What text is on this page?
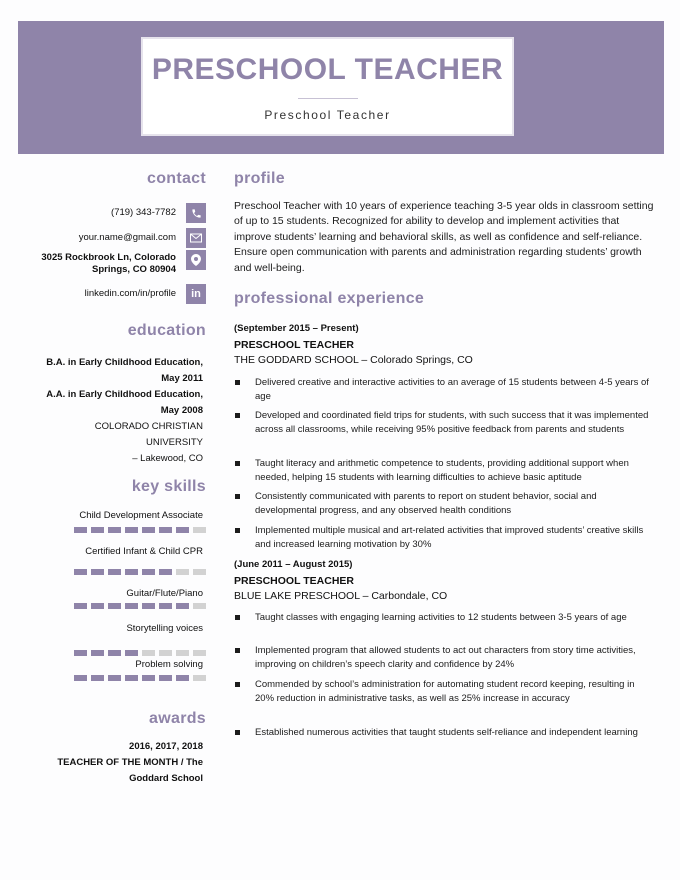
PRESCHOOL TEACHER
Preschool Teacher
contact
(719) 343-7782
your.name@gmail.com
3025 Rockbrook Ln, Colorado
Springs, CO 80904
linkedin.com/in/profile	in
education
B.A. in Early Childhood Education,
May 2011
A.A. in Early Childhood Education,
May 2008
COLORADO CHRISTIAN
UNIVERSITY
– Lakewood, CO
key skills
Child Development Associate
Certified Infant & Child CPR
Guitar/Flute/Piano
Storytelling voices
Problem solving
awards
2016, 2017, 2018
TEACHER OF THE MONTH / The
Goddard School
profile
Preschool Teacher with 10 years of experience teaching 3-5 year olds in classroom setting of up to 15 students. Recognized for ability to develop and implement activities that improve students’ learning and behavioral skills, as well as confidence and self-reliance. Ensure open communication with parents and administration regarding students’ growth and well-being.
professional experience
(September 2015 – Present)
PRESCHOOL TEACHER
THE GODDARD SCHOOL – Colorado Springs, CO
Delivered creative and interactive activities to an average of 15 students between 4-5 years of age
Developed and coordinated field trips for students, with such success that it was implemented across all classrooms, while receiving 95% positive feedback from parents and students
Taught literacy and arithmetic competence to students, providing additional support when needed, helping 15 students with learning difficulties to achieve basic aptitude
Consistently communicated with parents to report on student behavior, social and developmental progress, and any observed health conditions
Implemented multiple musical and art-related activities that improved students’ creative skills and increased learning motivation by 30%
(June 2011 – August 2015)
PRESCHOOL TEACHER
BLUE LAKE PRESCHOOL – Carbondale, CO
Taught classes with engaging learning activities to 12 students between 3-5 years of age
Implemented program that allowed students to act out characters from story time activities, improving on children’s speech clarity and confidence by 24%
Commended by school’s administration for automating student record keeping, resulting in 20% reduction in administrative tasks, as well as 25% increase in accuracy
Established numerous activities that taught students self-reliance and independent learning
